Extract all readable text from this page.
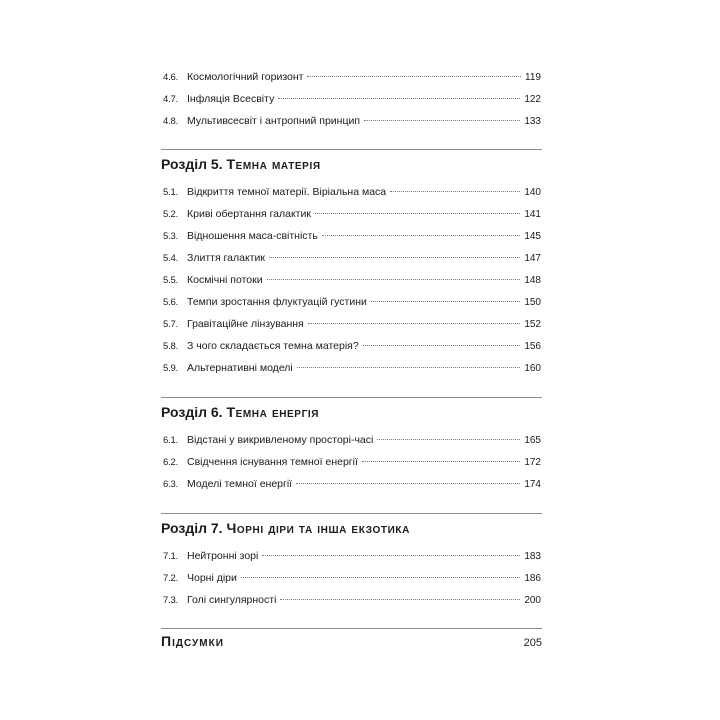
4.6. Космологічний горизонт	119
4.7. Інфляція Всесвіту	122
4.8. Мультивсесвіт і антропний принцип	133
Розділ 5. Темна матерія
5.1. Відкриття темної матерії. Віріальна маса	140
5.2. Криві обертання галактик	141
5.3. Відношення маса-світність	145
5.4. Злиття галактик	147
5.5. Космічні потоки	148
5.6. Темпи зростання флуктуацій густини	150
5.7. Гравітаційне лінзування	152
5.8. З чого складається темна матерія?	156
5.9. Альтернативні моделі	160
Розділ 6. Темна енергія
6.1. Відстані у викривленому просторі-часі	165
6.2. Свідчення існування темної енергії	172
6.3. Моделі темної енергії	174
Розділ 7. Чорні діри та інша екзотика
7.1. Нейтронні зорі	183
7.2. Чорні діри	186
7.3. Голі сингулярності	200
Підсумки	205
